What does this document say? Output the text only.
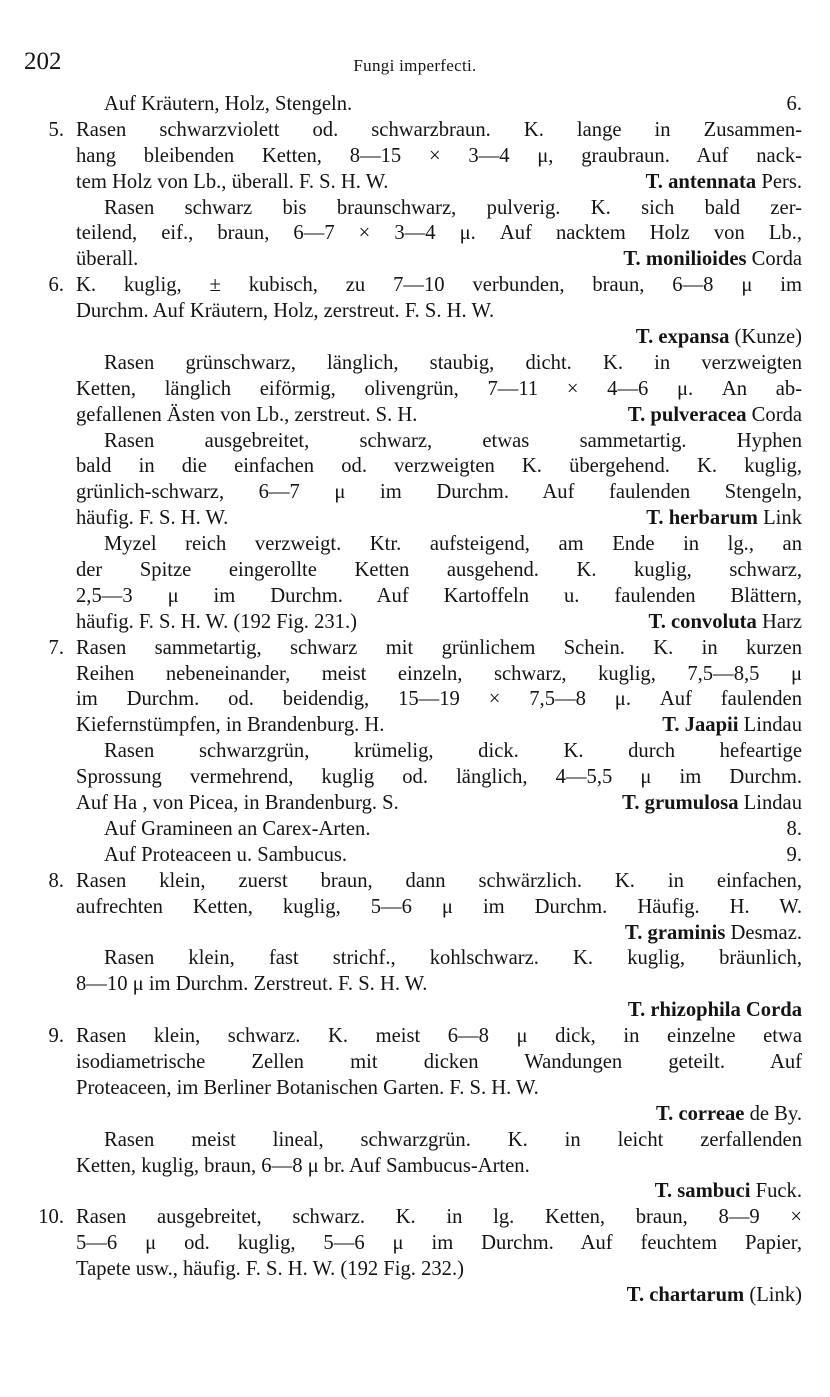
202	Fungi imperfecti.
Auf Kräutern, Holz, Stengeln.	6.
5. Rasen schwarzviolett od. schwarzbraun. K. lange in Zusammen-
hang bleibenden Ketten, 8—15 × 3—4 μ, graubraun. Auf nack-
tem Holz von Lb., überall. F. S. H. W.	T. antennata Pers.
Rasen schwarz bis braunschwarz, pulverig. K. sich bald zer-
teilend, eif., braun, 6—7 × 3—4 μ. Auf nacktem Holz von Lb.,
überall.	T. monilioides Corda
6. K. kuglig, ± kubisch, zu 7—10 verbunden, braun, 6—8 μ im
Durchm. Auf Kräutern, Holz, zerstreut. F. S. H. W.
T. expansa (Kunze)
Rasen grünschwarz, länglich, staubig, dicht. K. in verzweigten
Ketten, länglich eiförmig, olivengrün, 7—11 × 4—6 μ. An ab-
gefallenen Ästen von Lb., zerstreut. S. H.	T. pulveracea Corda
Rasen ausgebreitet, schwarz, etwas sammetartig. Hyphen
bald in die einfachen od. verzweigten K. übergehend. K. kuglig,
grünlich-schwarz, 6—7 μ im Durchm. Auf faulenden Stengeln,
häufig. F. S. H. W.	T. herbarum Link
Myzel reich verzweigt. Ktr. aufsteigend, am Ende in lg., an
der Spitze eingerollte Ketten ausgehend. K. kuglig, schwarz,
2,5—3 μ im Durchm. Auf Kartoffeln u. faulenden Blättern,
häufig. F. S. H. W. (192 Fig. 231.)	T. convoluta Harz
7. Rasen sammetartig, schwarz mit grünlichem Schein. K. in kurzen
Reihen nebeneinander, meist einzeln, schwarz, kuglig, 7,5—8,5 μ
im Durchm. od. beidendig, 15—19 × 7,5—8 μ. Auf faulenden
Kiefernstümpfen, in Brandenburg. H.	T. Jaapii Lindau
Rasen schwarzgrün, krümelig, dick. K. durch hefeartige
Sprossung vermehrend, kuglig od. länglich, 4—5,5 μ im Durchm.
Auf Ha , von Picea, in Brandenburg. S.	T. grumulosa Lindau
Auf Gramineen an Carex-Arten.	8.
Auf Proteaceen u. Sambucus.	9.
8. Rasen klein, zuerst braun, dann schwärzlich. K. in einfachen,
aufrechten Ketten, kuglig, 5—6 μ im Durchm. Häufig. H. W.
T. graminis Desmaz.
Rasen klein, fast strichf., kohlschwarz. K. kuglig, bräunlich,
8—10 μ im Durchm. Zerstreut. F. S. H. W.
T. rhizophila Corda
9. Rasen klein, schwarz. K. meist 6—8 μ dick, in einzelne etwa
isodiametrische Zellen mit dicken Wandungen geteilt. Auf
Proteaceen, im Berliner Botanischen Garten. F. S. H. W.
T. correae de By.
Rasen meist lineal, schwarzgrün. K. in leicht zerfallenden
Ketten, kuglig, braun, 6—8 μ br. Auf Sambucus-Arten.
T. sambuci Fuck.
10. Rasen ausgebreitet, schwarz. K. in lg. Ketten, braun, 8—9 ×
5—6 μ od. kuglig, 5—6 μ im Durchm. Auf feuchtem Papier,
Tapete usw., häufig. F. S. H. W. (192 Fig. 232.)
T. chartarum (Link)
